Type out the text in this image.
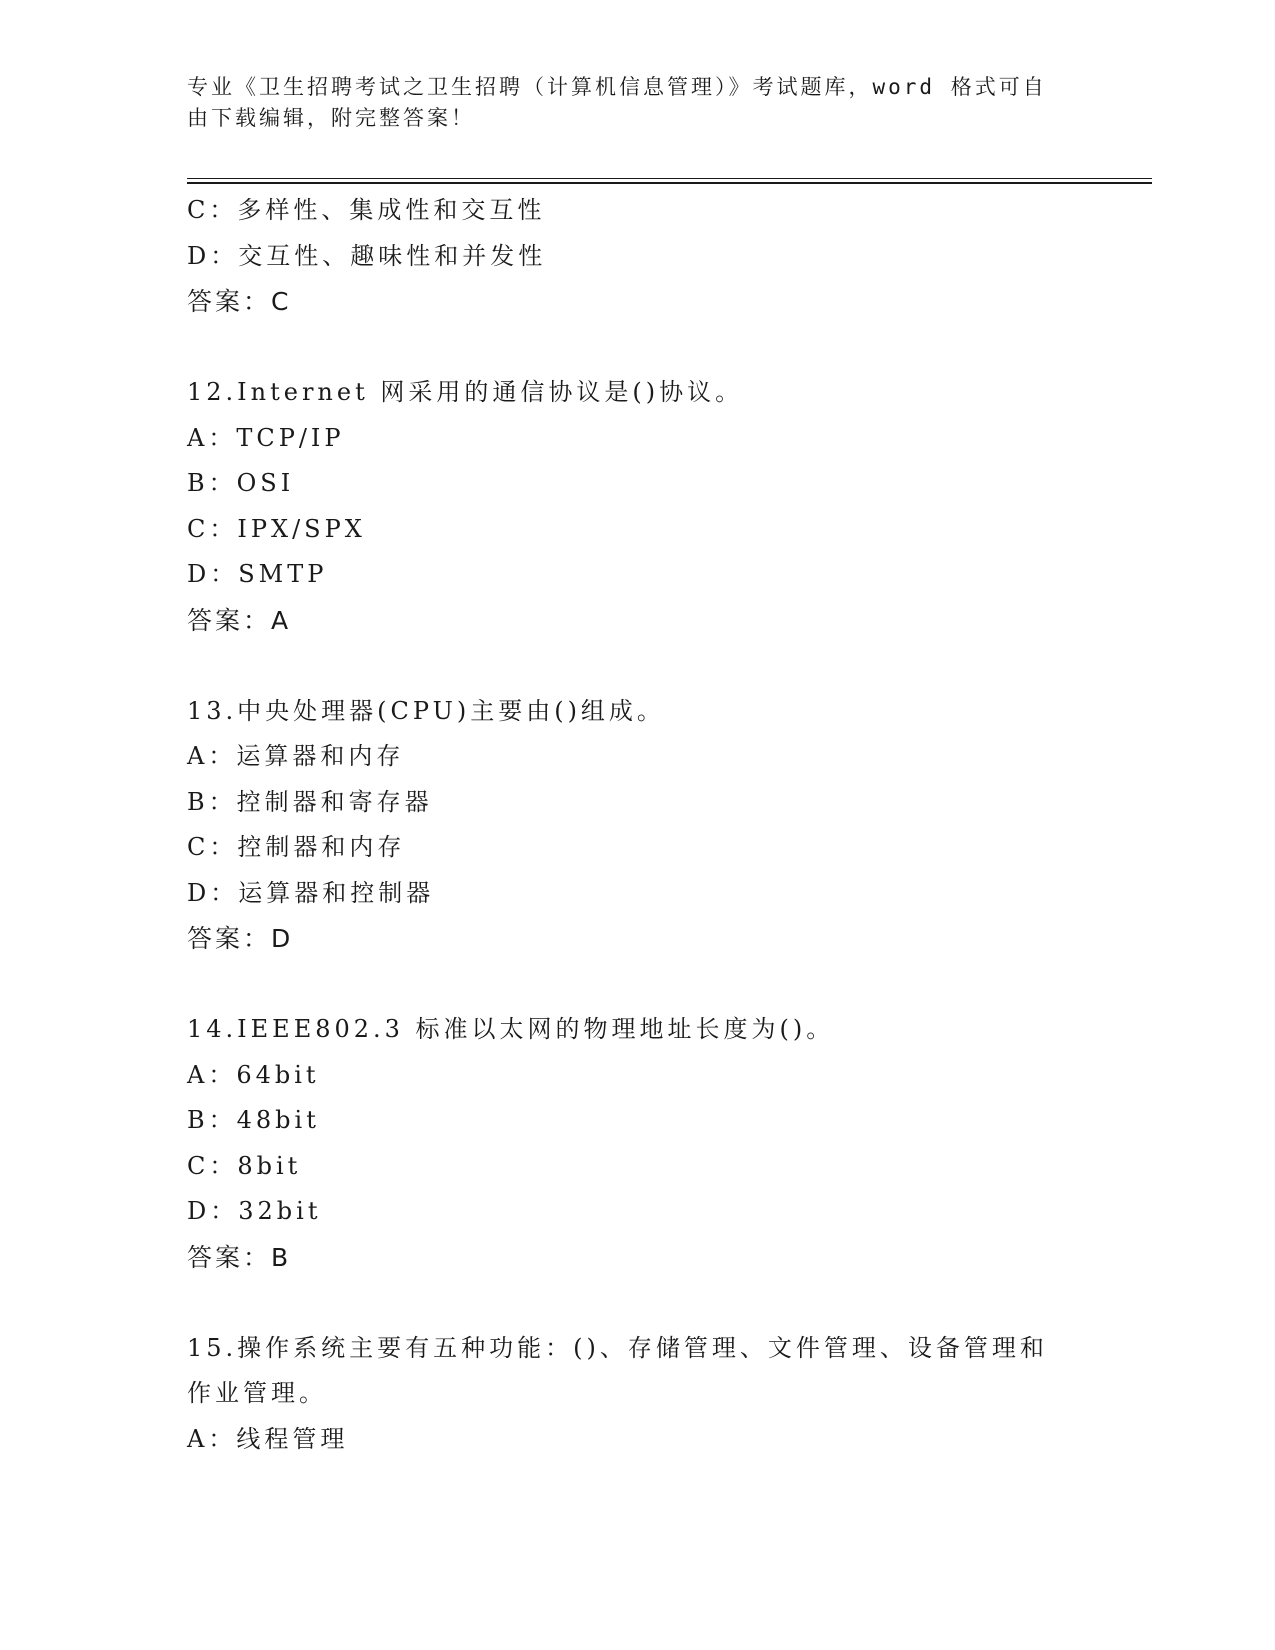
专业《卫生招聘考试之卫生招聘（计算机信息管理）》考试题库，word 格式可自
由下载编辑，附完整答案！
C：多样性、集成性和交互性
D：交互性、趣味性和并发性
答案：C
12.Internet 网采用的通信协议是()协议。
A：TCP/IP
B：OSI
C：IPX/SPX
D：SMTP
答案：A
13.中央处理器(CPU)主要由()组成。
A：运算器和内存
B：控制器和寄存器
C：控制器和内存
D：运算器和控制器
答案：D
14.IEEE802.3 标准以太网的物理地址长度为()。
A：64bit
B：48bit
C：8bit
D：32bit
答案：B
15.操作系统主要有五种功能：()、存储管理、文件管理、设备管理和
作业管理。
A：线程管理
